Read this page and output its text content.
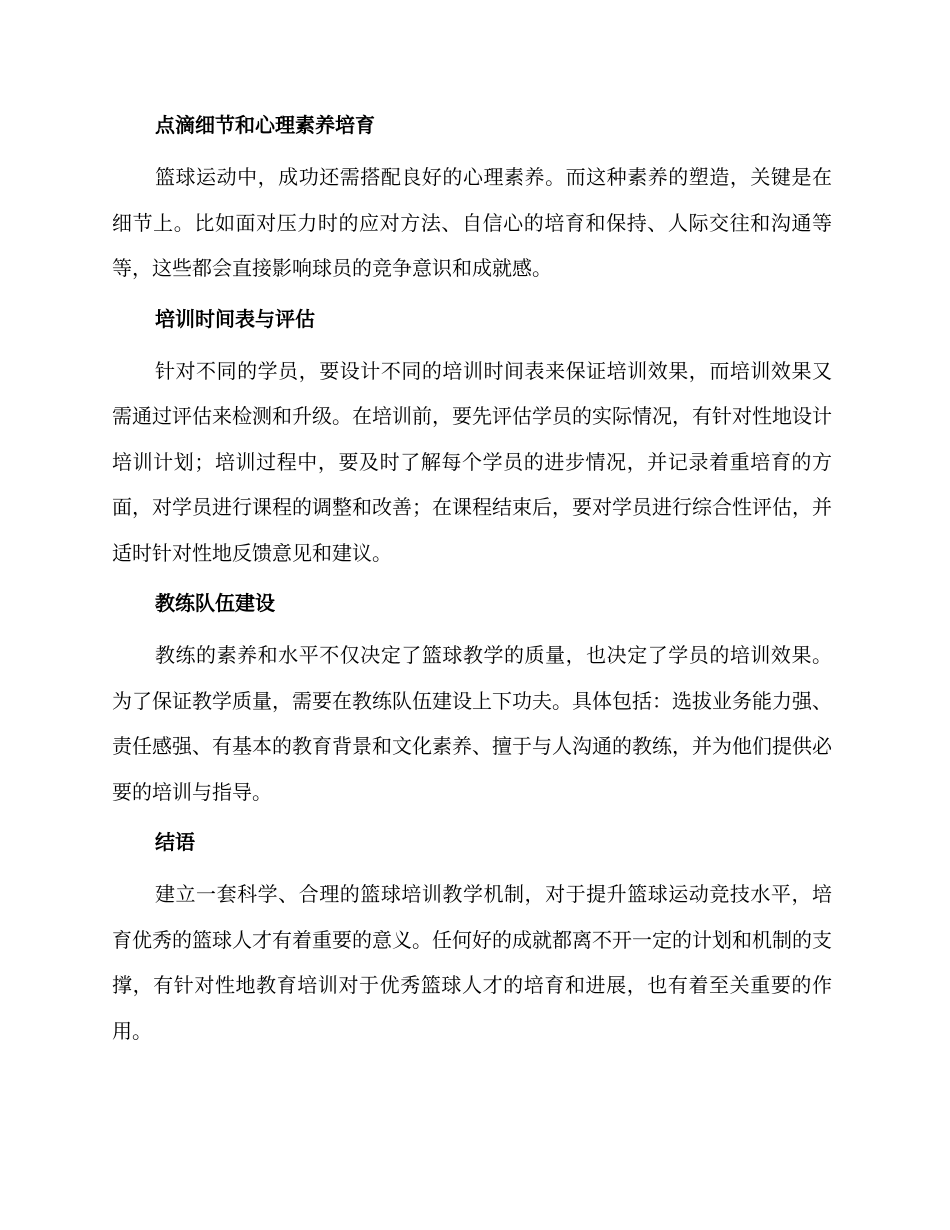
点滴细节和心理素养培育

篮球运动中，成功还需搭配良好的心理素养。而这种素养的塑造，关键是在细节上。比如面对压力时的应对方法、自信心的培育和保持、人际交往和沟通等等，这些都会直接影响球员的竞争意识和成就感。

培训时间表与评估

针对不同的学员，要设计不同的培训时间表来保证培训效果，而培训效果又需通过评估来检测和升级。在培训前，要先评估学员的实际情况，有针对性地设计培训计划；培训过程中，要及时了解每个学员的进步情况，并记录着重培育的方面，对学员进行课程的调整和改善；在课程结束后，要对学员进行综合性评估，并适时针对性地反馈意见和建议。

教练队伍建设

教练的素养和水平不仅决定了篮球教学的质量，也决定了学员的培训效果。为了保证教学质量，需要在教练队伍建设上下功夫。具体包括：选拔业务能力强、责任感强、有基本的教育背景和文化素养、擅于与人沟通的教练，并为他们提供必要的培训与指导。

结语

建立一套科学、合理的篮球培训教学机制，对于提升篮球运动竞技水平，培育优秀的篮球人才有着重要的意义。任何好的成就都离不开一定的计划和机制的支撑，有针对性地教育培训对于优秀篮球人才的培育和进展，也有着至关重要的作用。
